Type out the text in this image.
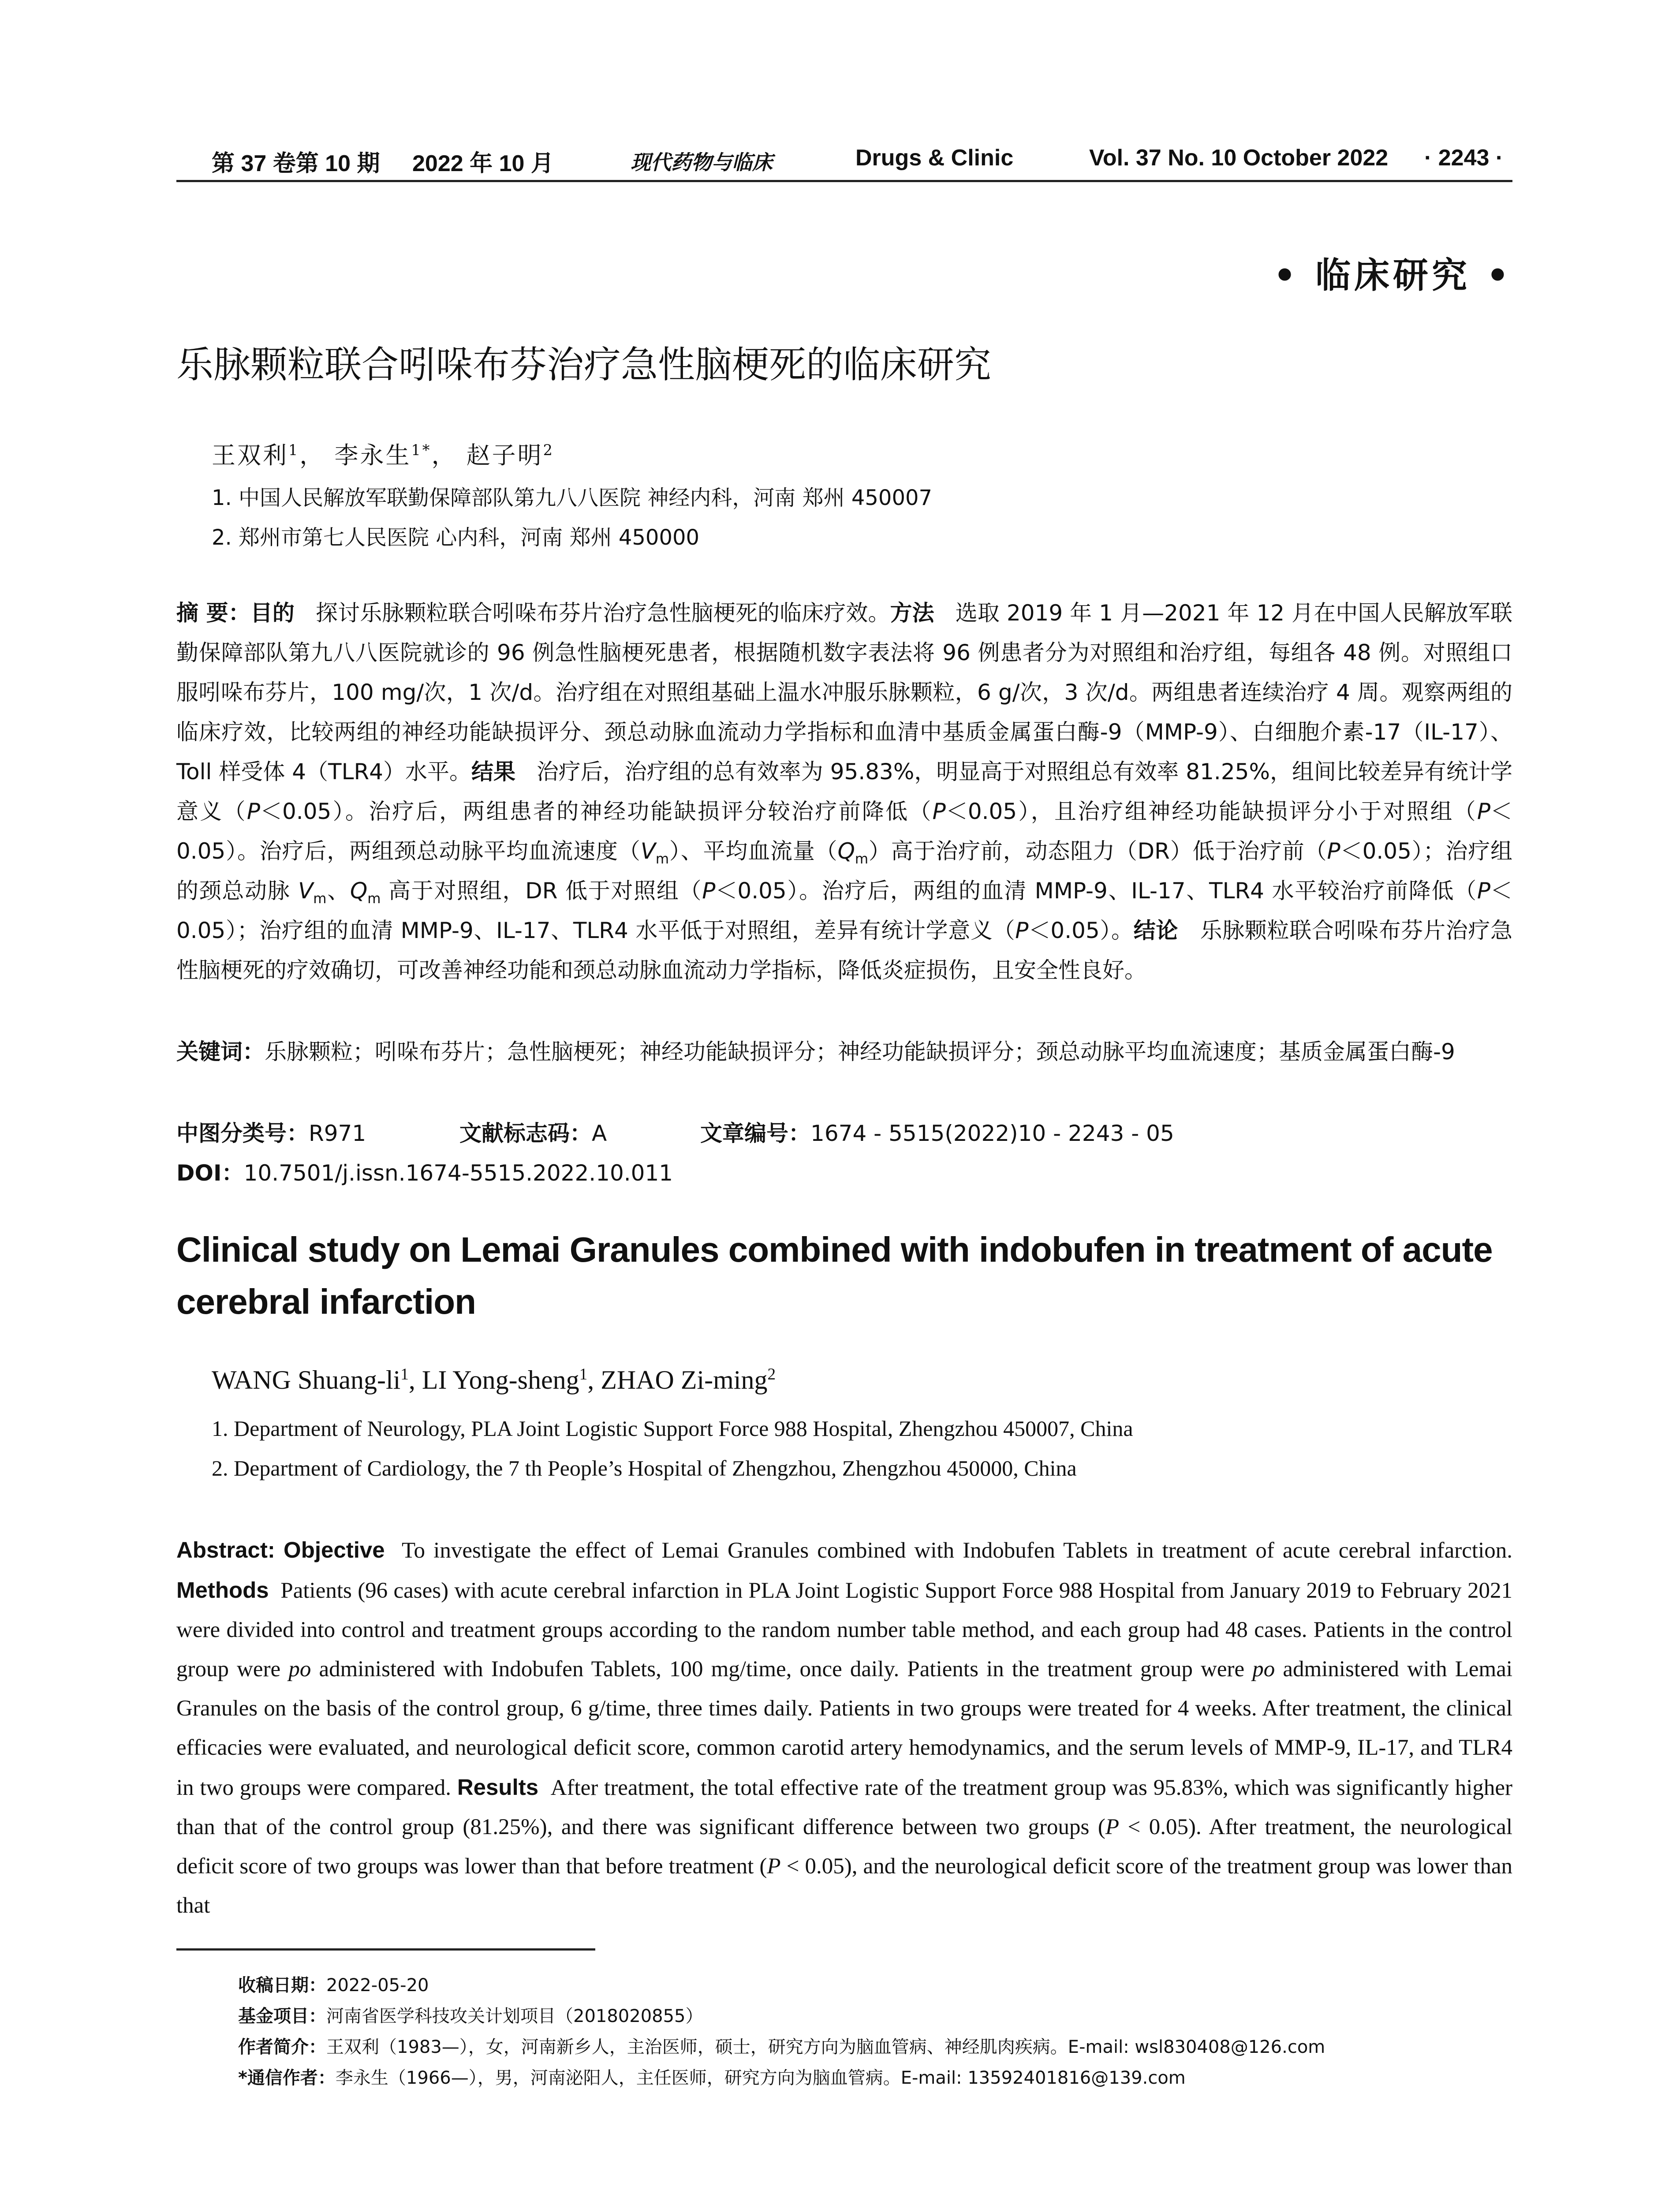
第 37 卷第 10 期 2022 年 10 月	现代药物与临床	Drugs & Clinic	Vol. 37 No. 10 October 2022 · 2243 ·
• 临床研究 •
乐脉颗粒联合吲哚布芬治疗急性脑梗死的临床研究
王双利$^1$， 李永生$^{1*}$， 赵子明$^2$
1. 中国人民解放军联勤保障部队第九八八医院 神经内科，河南 郑州 450007
2. 郑州市第七人民医院 心内科，河南 郑州 450000
摘 要：目的 探讨乐脉颗粒联合吲哚布芬片治疗急性脑梗死的临床疗效。方法 选取 2019 年 1 月—2021 年 12 月在中国人民解放军联勤保障部队第九八八医院就诊的 96 例急性脑梗死患者，根据随机数字表法将 96 例患者分为对照组和治疗组，每组各 48 例。对照组口服吲哚布芬片，100 mg/次，1 次/d。治疗组在对照组基础上温水冲服乐脉颗粒，6 g/次，3 次/d。两组患者连续治疗 4 周。观察两组的临床疗效，比较两组的神经功能缺损评分、颈总动脉血流动力学指标和血清中基质金属蛋白酶-9（MMP-9）、白细胞介素-17（IL-17）、Toll 样受体 4（TLR4）水平。结果 治疗后，治疗组的总有效率为 95.83%，明显高于对照组总有效率 81.25%，组间比较差异有统计学意义（P＜0.05）。治疗后，两组患者的神经功能缺损评分较治疗前降低（P＜0.05），且治疗组神经功能缺损评分小于对照组（P＜0.05）。治疗后，两组颈总动脉平均血流速度$(V_m)$、平均血流量$(Q_m)$高于治疗前，动态阻力（DR）低于治疗前（P＜0.05）；治疗组的颈总动脉 $V_m$、$Q_m$ 高于对照组，DR 低于对照组（P＜0.05）。治疗后，两组的血清 MMP-9、IL-17、TLR4 水平较治疗前降低（P＜0.05）；治疗组的血清 MMP-9、IL-17、TLR4 水平低于对照组，差异有统计学意义（P＜0.05）。结论 乐脉颗粒联合吲哚布芬片治疗急性脑梗死的疗效确切，可改善神经功能和颈总动脉血流动力学指标，降低炎症损伤，且安全性良好。
关键词：乐脉颗粒；吲哚布芬片；急性脑梗死；神经功能缺损评分；神经功能缺损评分；颈总动脉平均血流速度；基质金属蛋白酶-9
中图分类号：R971	文献标志码：A	文章编号：1674 - 5515(2022)10 - 2243 - 05
DOI：10.7501/j.issn.1674-5515.2022.10.011
Clinical study on Lemai Granules combined with indobufen in treatment of acute cerebral infarction
WANG Shuang-$li^1$, LI Yong-sheng$^1$, ZHAO Zi-ming$^2$
1. Department of Neurology, PLA Joint Logistic Support Force 988 Hospital, Zhengzhou 450007, China
2. Department of Cardiology, the 7 th People’s Hospital of Zhengzhou, Zhengzhou 450000, China
Abstract: Objective To investigate the effect of Lemai Granules combined with Indobufen Tablets in treatment of acute cerebral infarction. Methods Patients (96 cases) with acute cerebral infarction in PLA Joint Logistic Support Force 988 Hospital from January 2019 to February 2021 were divided into control and treatment groups according to the random number table method, and each group had 48 cases. Patients in the control group were po administered with Indobufen Tablets, 100 mg/time, once daily. Patients in the treatment group were po administered with Lemai Granules on the basis of the control group, 6 g/time, three times daily. Patients in two groups were treated for 4 weeks. After treatment, the clinical efficacies were evaluated, and neurological deficit score, common carotid artery hemodynamics, and the serum levels of MMP-9, IL-17, and TLR4 in two groups were compared. Results After treatment, the total effective rate of the treatment group was 95.83%, which was significantly higher than that of the control group (81.25%), and there was significant difference between two groups (P < 0.05). After treatment, the neurological deficit score of two groups was lower than that before treatment (P < 0.05), and the neurological deficit score of the treatment group was lower than that
收稿日期：2022-05-20
基金项目：河南省医学科技攻关计划项目（2018020855）
作者简介：王双利（1983—），女，河南新乡人，主治医师，硕士，研究方向为脑血管病、神经肌肉疾病。E-mail: wsl830408@126.com
*通信作者：李永生（1966—），男，河南泌阳人，主任医师，研究方向为脑血管病。E-mail: 13592401816@139.com
